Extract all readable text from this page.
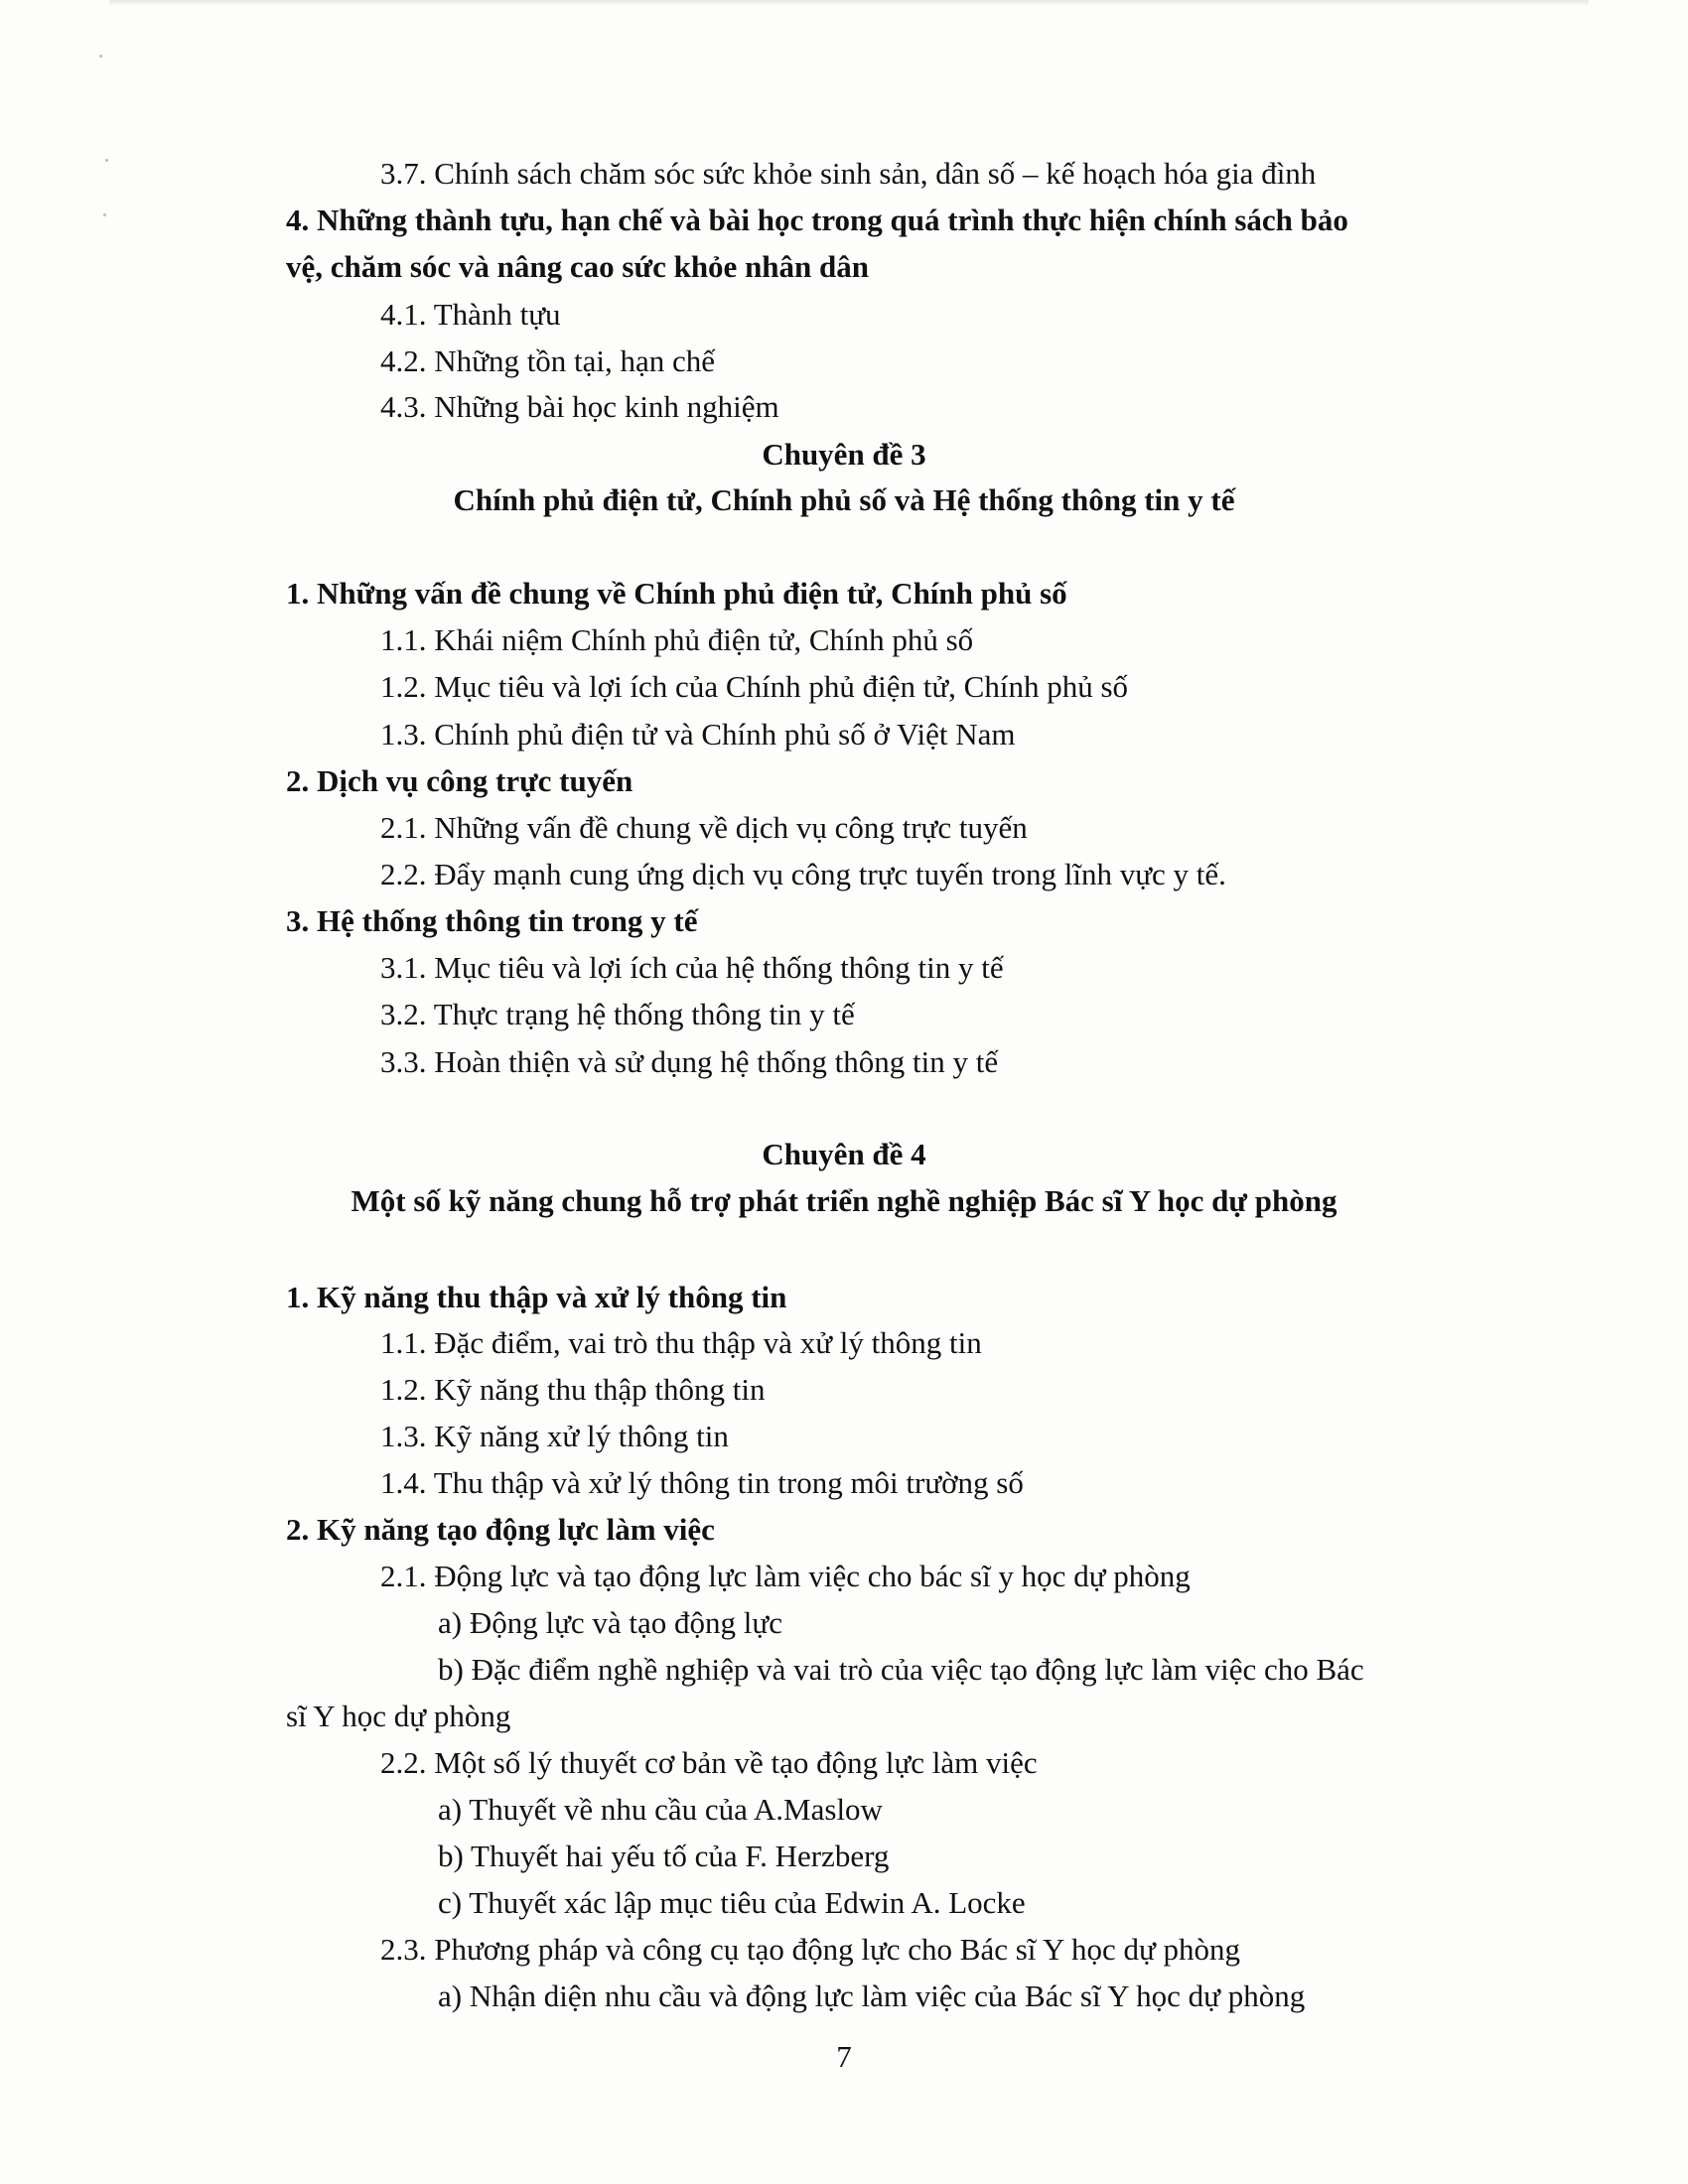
3.7. Chính sách chăm sóc sức khỏe sinh sản, dân số – kế hoạch hóa gia đình
4. Những thành tựu, hạn chế và bài học trong quá trình thực hiện chính sách bảo
vệ, chăm sóc và nâng cao sức khỏe nhân dân
4.1. Thành tựu
4.2. Những tồn tại, hạn chế
4.3. Những bài học kinh nghiệm
Chuyên đề 3
Chính phủ điện tử, Chính phủ số và Hệ thống thông tin y tế
1. Những vấn đề chung về Chính phủ điện tử, Chính phủ số
1.1. Khái niệm Chính phủ điện tử, Chính phủ số
1.2. Mục tiêu và lợi ích của Chính phủ điện tử, Chính phủ số
1.3. Chính phủ điện tử và Chính phủ số ở Việt Nam
2. Dịch vụ công trực tuyến
2.1. Những vấn đề chung về dịch vụ công trực tuyến
2.2. Đẩy mạnh cung ứng dịch vụ công trực tuyến trong lĩnh vực y tế.
3. Hệ thống thông tin trong y tế
3.1. Mục tiêu và lợi ích của hệ thống thông tin y tế
3.2. Thực trạng hệ thống thông tin y tế
3.3. Hoàn thiện và sử dụng hệ thống thông tin y tế
Chuyên đề 4
Một số kỹ năng chung hỗ trợ phát triển nghề nghiệp Bác sĩ Y học dự phòng
1. Kỹ năng thu thập và xử lý thông tin
1.1. Đặc điểm, vai trò thu thập và xử lý thông tin
1.2. Kỹ năng thu thập thông tin
1.3. Kỹ năng xử lý thông tin
1.4. Thu thập và xử lý thông tin trong môi trường số
2. Kỹ năng tạo động lực làm việc
2.1. Động lực và tạo động lực làm việc cho bác sĩ y học dự phòng
a) Động lực và tạo động lực
b) Đặc điểm nghề nghiệp và vai trò của việc tạo động lực làm việc cho Bác
sĩ Y học dự phòng
2.2. Một số lý thuyết cơ bản về tạo động lực làm việc
a) Thuyết về nhu cầu của A.Maslow
b) Thuyết hai yếu tố của F. Herzberg
c) Thuyết xác lập mục tiêu của Edwin A. Locke
2.3. Phương pháp và công cụ tạo động lực cho Bác sĩ Y học dự phòng
a) Nhận diện nhu cầu và động lực làm việc của Bác sĩ Y học dự phòng
7
